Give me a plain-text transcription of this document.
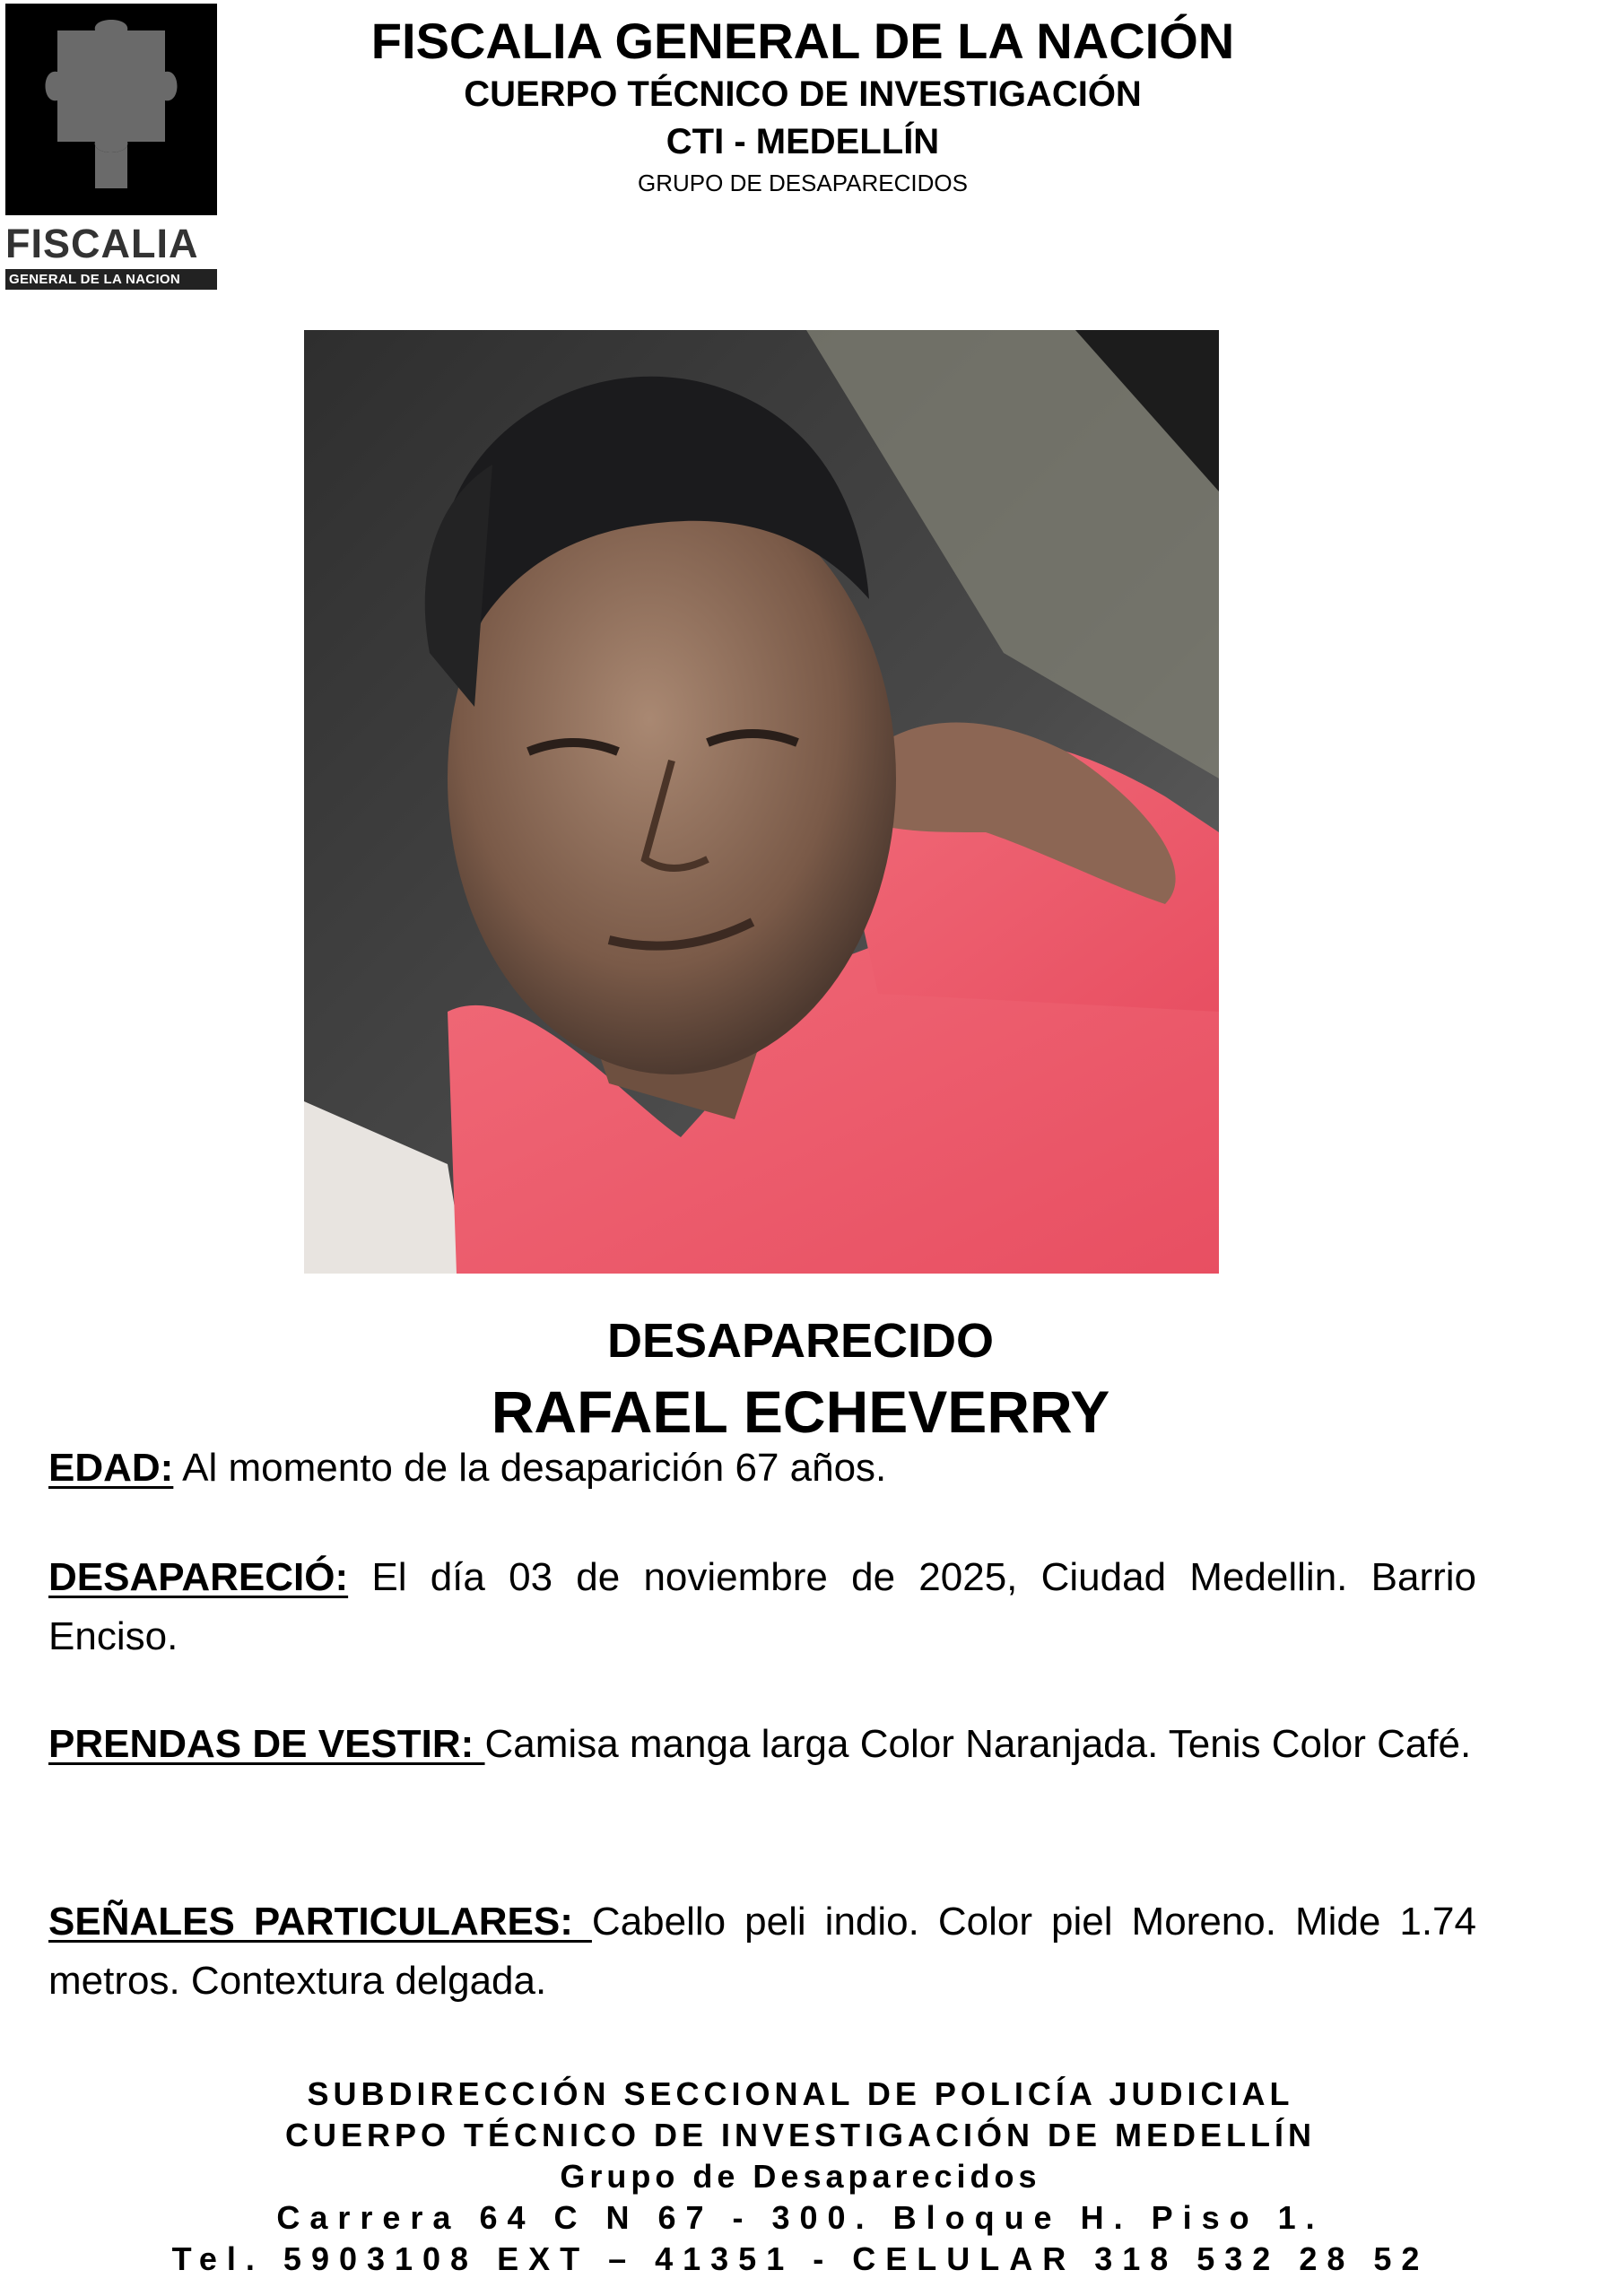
FISCALIA
GENERAL DE LA NACION
FISCALIA GENERAL DE LA NACIÓN
CUERPO TÉCNICO DE INVESTIGACIÓN
CTI - MEDELLÍN
GRUPO DE DESAPARECIDOS
DESAPARECIDO
RAFAEL ECHEVERRY
EDAD: Al momento de la desaparición 67 años.
DESAPARECIÓ: El día 03 de noviembre de 2025, Ciudad Medellin. Barrio Enciso.
PRENDAS DE VESTIR: Camisa manga larga Color Naranjada. Tenis Color Café.
SEÑALES PARTICULARES: Cabello peli indio. Color piel Moreno. Mide 1.74 metros. Contextura delgada.
SUBDIRECCIÓN SECCIONAL DE POLICÍA JUDICIAL
CUERPO TÉCNICO DE INVESTIGACIÓN DE MEDELLÍN
Grupo de Desaparecidos
Carrera 64 C N 67 - 300. Bloque H. Piso 1.
Tel. 5903108 EXT – 41351 - CELULAR 318 532 28 52
